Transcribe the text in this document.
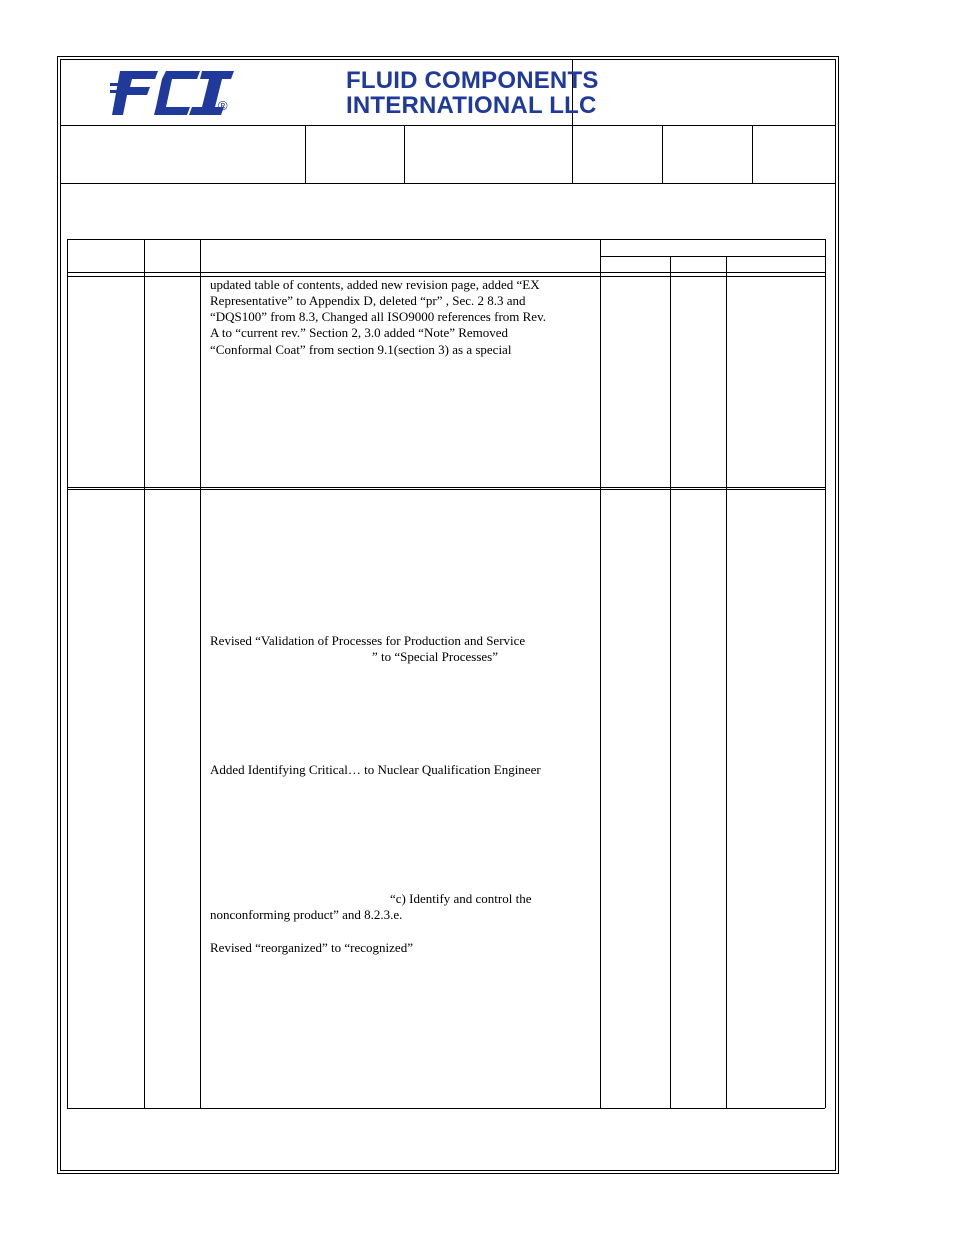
FLUID COMPONENTS
®	INTERNATIONAL LLC
updated table of contents, added new revision page, added “EX
Representative” to Appendix D, deleted “pr” , Sec. 2 8.3 and
“DQS100” from 8.3, Changed all ISO9000 references from Rev.
A to “current rev.” Section 2, 3.0 added “Note” Removed
“Conformal Coat” from section 9.1(section 3) as a special
Revised “Validation of Processes for Production and Service
” to “Special Processes”
Added Identifying Critical… to Nuclear Qualification Engineer
“c) Identify and control the
nonconforming product” and 8.2.3.e.
Revised “reorganized” to “recognized”
